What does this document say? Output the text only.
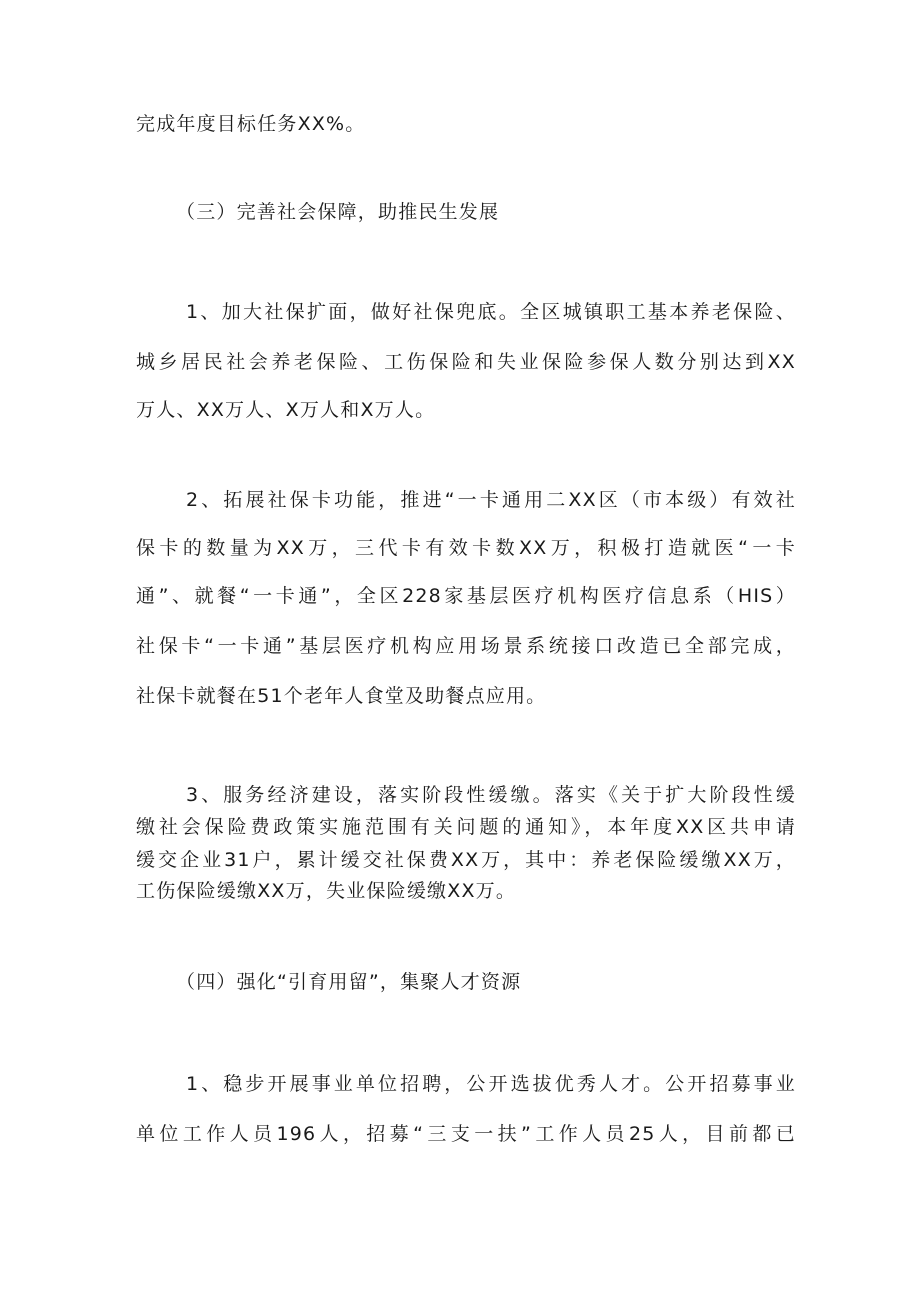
完成年度目标任务XX%。
（三）完善社会保障，助推民生发展
1、加大社保扩面，做好社保兜底。全区城镇职工基本养老保险、
城乡居民社会养老保险、工伤保险和失业保险参保人数分别达到XX
万人、XX万人、X万人和X万人。
2、拓展社保卡功能，推进“一卡通用二XX区（市本级）有效社
保卡的数量为XX万，三代卡有效卡数XX万，积极打造就医“一卡
通”、就餐“一卡通”，全区228家基层医疗机构医疗信息系（HIS）
社保卡“一卡通”基层医疗机构应用场景系统接口改造已全部完成，
社保卡就餐在51个老年人食堂及助餐点应用。
3、服务经济建设，落实阶段性缓缴。落实《关于扩大阶段性缓
缴社会保险费政策实施范围有关问题的通知》，本年度XX区共申请
缓交企业31户，累计缓交社保费XX万，其中：养老保险缓缴XX万，
工伤保险缓缴XX万，失业保险缓缴XX万。
（四）强化“引育用留”，集聚人才资源
1、稳步开展事业单位招聘，公开选拔优秀人才。公开招募事业
单位工作人员196人，招募“三支一扶”工作人员25人，目前都已
